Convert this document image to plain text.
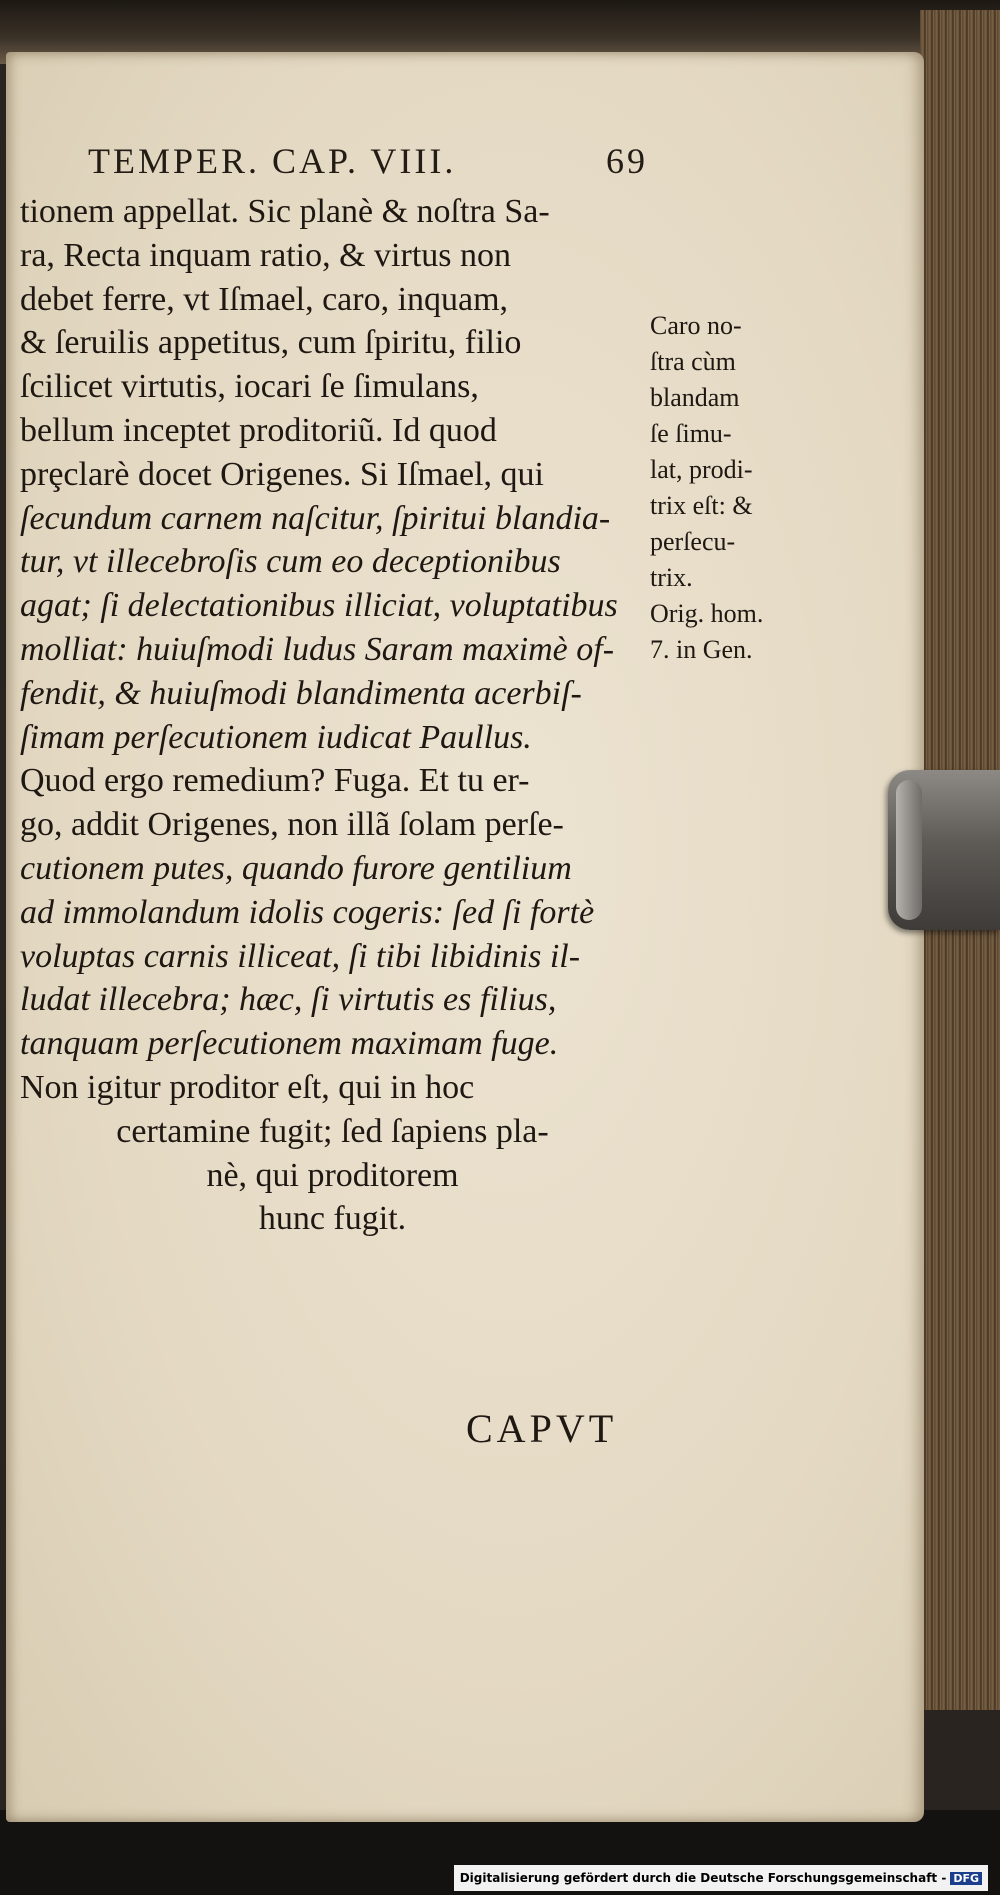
TEMPER. CAP. VIII.	69
tionem appellat. Sic planè & noſtra Sa-
ra, Recta inquam ratio, & virtus non
debet ferre, vt Iſmael, caro, inquam,
& ſeruilis appetitus, cum ſpiritu, filio
ſcilicet virtutis, iocari ſe ſimulans,
bellum inceptet proditoriũ. Id quod
prȩclarè docet Origenes. Si Iſmael, qui
ſecundum carnem naſcitur, ſpiritui blandia-
tur, vt illecebroſis cum eo deceptionibus
agat; ſi delectationibus illiciat, voluptatibus
molliat: huiuſmodi ludus Saram maximè of-
fendit, & huiuſmodi blandimenta acerbiſ-
ſimam perſecutionem iudicat Paullus.
Quod ergo remedium? Fuga. Et tu er-
go, addit Origenes, non illã ſolam perſe-
cutionem putes, quando furore gentilium
ad immolandum idolis cogeris: ſed ſi fortè
voluptas carnis illiceat, ſi tibi libidinis il-
ludat illecebra; hæc, ſi virtutis es filius,
tanquam perſecutionem maximam fuge.
Non igitur proditor eſt, qui in hoc
certamine fugit; ſed ſapiens pla-
nè, qui proditorem
hunc fugit.
Caro no-
ſtra cùm
blandam
ſe ſimu-
lat, prodi-
trix eſt: &
perſecu-
trix.
Orig. hom.
7. in Gen.
CAPVT
Digitalisierung gefördert durch die Deutsche Forschungsgemeinschaft - DFG
